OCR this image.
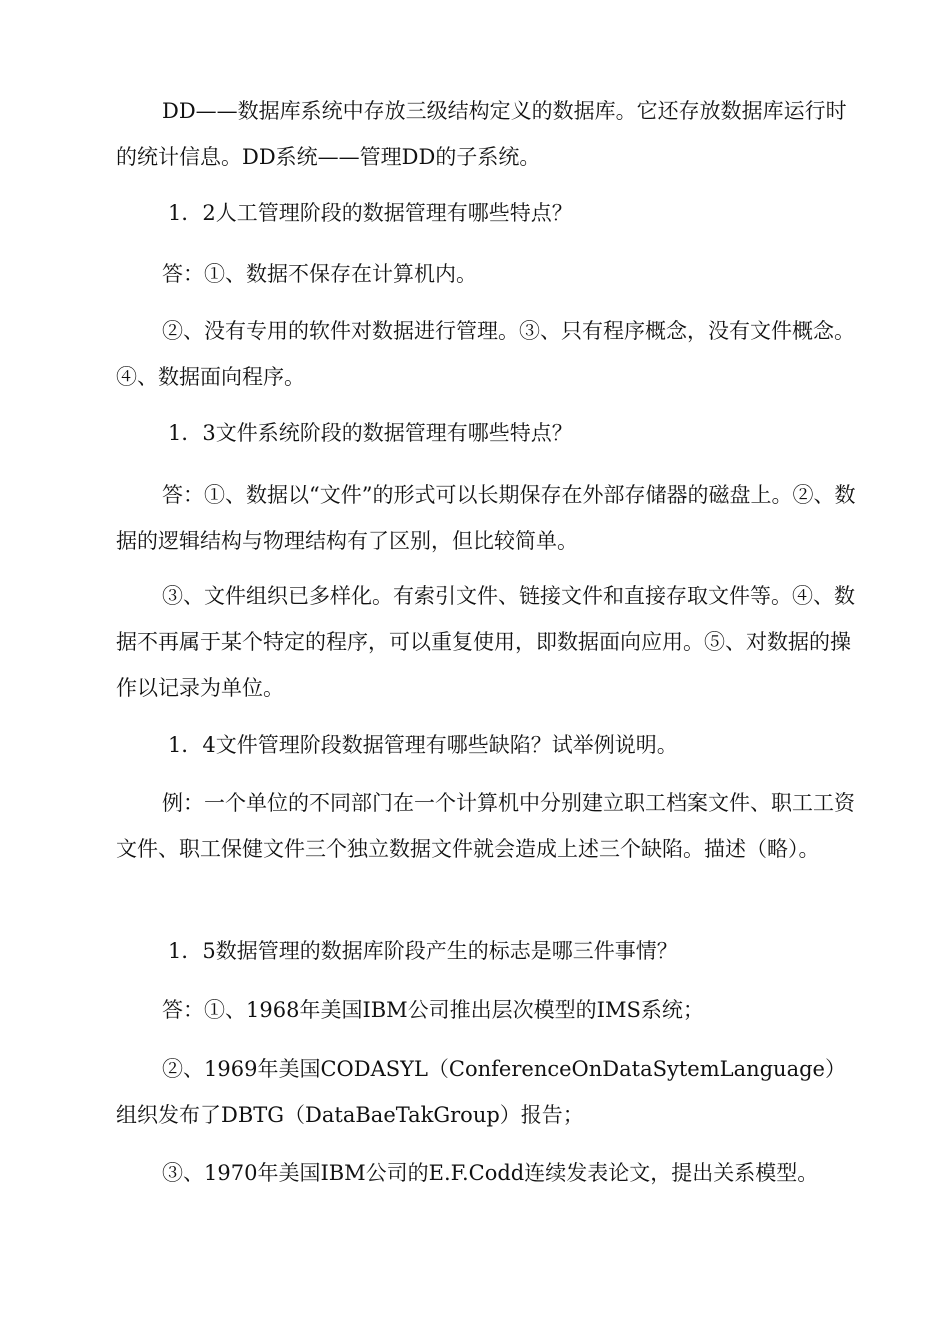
DD——数据库系统中存放三级结构定义的数据库。它还存放数据库运行时的统计信息。DD系统——管理DD的子系统。

1．2人工管理阶段的数据管理有哪些特点？

答：①、数据不保存在计算机内。

②、没有专用的软件对数据进行管理。③、只有程序概念，没有文件概念。④、数据面向程序。

1．3文件系统阶段的数据管理有哪些特点？

答：①、数据以“文件”的形式可以长期保存在外部存储器的磁盘上。②、数据的逻辑结构与物理结构有了区别，但比较简单。

③、文件组织已多样化。有索引文件、链接文件和直接存取文件等。④、数据不再属于某个特定的程序，可以重复使用，即数据面向应用。⑤、对数据的操作以记录为单位。

1．4文件管理阶段数据管理有哪些缺陷？试举例说明。

例：一个单位的不同部门在一个计算机中分别建立职工档案文件、职工工资文件、职工保健文件三个独立数据文件就会造成上述三个缺陷。描述（略）。

1．5数据管理的数据库阶段产生的标志是哪三件事情？

答：①、1968年美国IBM公司推出层次模型的IMS系统；

②、1969年美国CODASYL（ConferenceOnDataSytemLanguage）组织发布了DBTG（DataBaeTakGroup）报告；

③、1970年美国IBM公司的E.F.Codd连续发表论文，提出关系模型。
